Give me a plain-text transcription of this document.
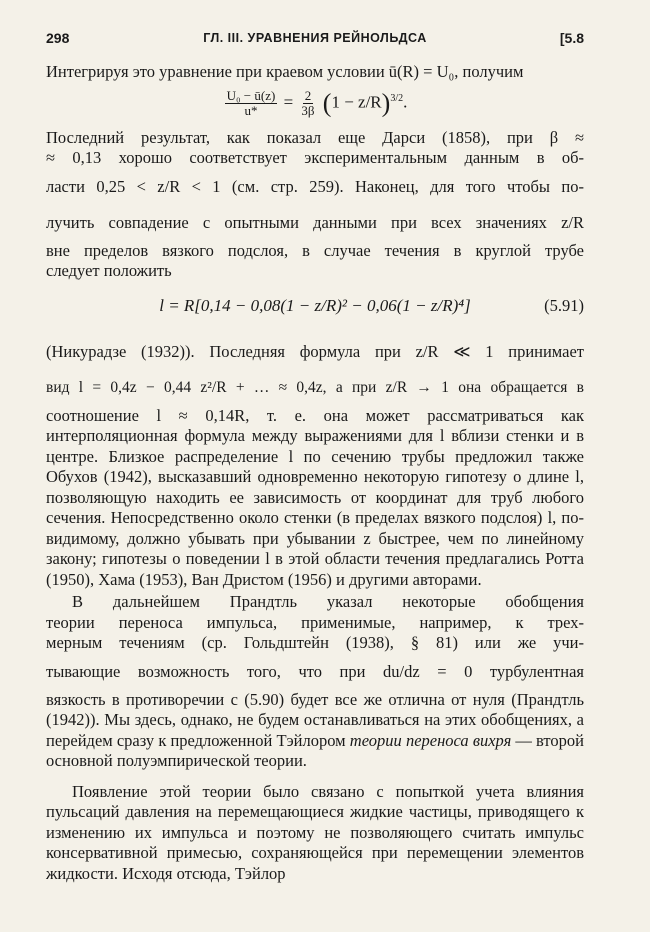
298	ГЛ. III. УРАВНЕНИЯ РЕЙНОЛЬДСА	[5.8

Интегрируя это уравнение при краевом условии ū(R) = U₀, получим

$\frac{\text{U₀ − ū(z)}}{u*} = \frac{2}{3\beta} (1 - z/R)^{3/2}$.
Последний результат, как показал еще Дарси (1858), при β ≈
≈ 0,13 хорошо соответствует экспериментальным данным в об-
ласти 0,25 < z/R < 1 (см. стр. 259). Наконец, для того чтобы по-
лучить совпадение с опытными данными при всех значениях z/R
вне пределов вязкого подслоя, в случае течения в круглой трубе
следует положить
l = R[0,14 − 0,08(1 − z/R)² − 0,06(1 − z/R)⁴]	(5.91)
(Никурадзе (1932)). Последняя формула при z/R ≪ 1 принимает
вид l = 0,4z − 0,44 z²/R + … ≈ 0,4z, а при z/R → 1 она обращается в

соотношение l ≈ 0,14R, т. е. она может рассматриваться как интерполяционная формула между выражениями для l вблизи стенки и в центре. Близкое распределение l по сечению трубы предложил также Обухов (1942), высказавший одновременно некоторую гипотезу о длине l, позволяющую находить ее зависимость от координат для труб любого сечения. Непосредственно около стенки (в пределах вязкого подслоя) l, по-видимому, должно убывать при убывании z быстрее, чем по линейному закону; гипотезы о поведении l в этой области течения предлагались Ротта (1950), Хама (1953), Ван Дристом (1956) и другими авторами.

В дальнейшем Прандтль указал некоторые обобщения
теории переноса импульса, применимые, например, к трех-
мерным течениям (ср. Гольдштейн (1938), § 81) или же учи-
тывающие возможность того, что при du/dz = 0 турбулентная

вязкость в противоречии с (5.90) будет все же отлична от нуля (Прандтль (1942)). Мы здесь, однако, не будем останавливаться на этих обобщениях, а перейдем сразу к предложенной Тэйлором теории переноса вихря — второй основной полуэмпирической теории.

Появление этой теории было связано с попыткой учета влияния пульсаций давления на перемещающиеся жидкие частицы, приводящего к изменению их импульса и поэтому не позволяющего считать импульс консервативной примесью, сохраняющейся при перемещении элементов жидкости. Исходя отсюда, Тэйлор
